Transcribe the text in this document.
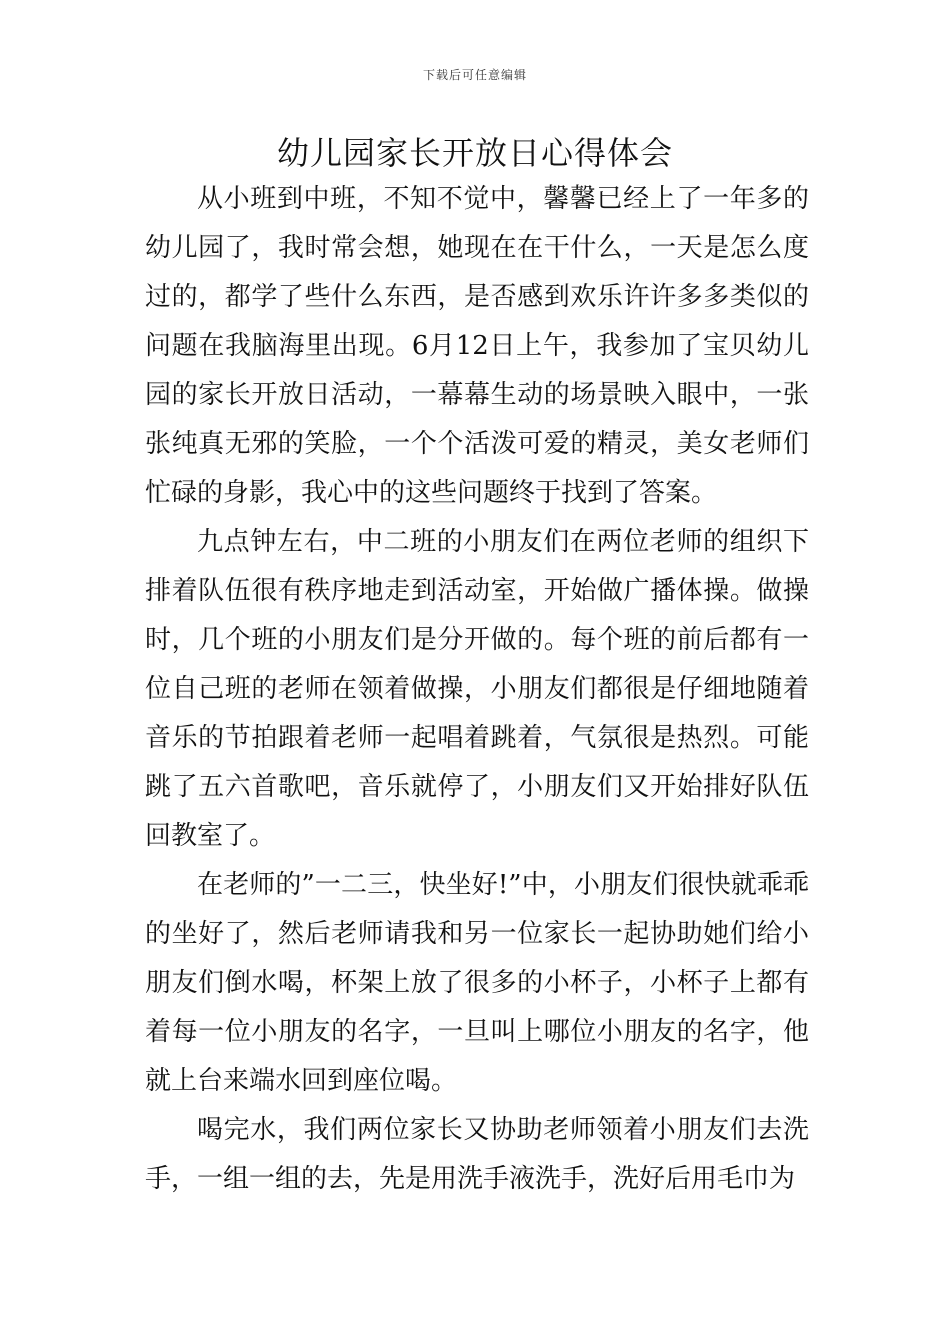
下载后可任意编辑
幼儿园家长开放日心得体会

从小班到中班，不知不觉中，馨馨已经上了一年多的幼儿园了，我时常会想，她现在在干什么，一天是怎么度过的，都学了些什么东西，是否感到欢乐许许多多类似的问题在我脑海里出现。6月12日上午，我参加了宝贝幼儿园的家长开放日活动，一幕幕生动的场景映入眼中，一张张纯真无邪的笑脸，一个个活泼可爱的精灵，美女老师们忙碌的身影，我心中的这些问题终于找到了答案。

九点钟左右，中二班的小朋友们在两位老师的组织下排着队伍很有秩序地走到活动室，开始做广播体操。做操时，几个班的小朋友们是分开做的。每个班的前后都有一位自己班的老师在领着做操，小朋友们都很是仔细地随着音乐的节拍跟着老师一起唱着跳着，气氛很是热烈。可能跳了五六首歌吧，音乐就停了，小朋友们又开始排好队伍回教室了。

在老师的”一二三，快坐好!”中，小朋友们很快就乖乖的坐好了，然后老师请我和另一位家长一起协助她们给小朋友们倒水喝，杯架上放了很多的小杯子，小杯子上都有着每一位小朋友的名字，一旦叫上哪位小朋友的名字，他就上台来端水回到座位喝。

喝完水，我们两位家长又协助老师领着小朋友们去洗手，一组一组的去，先是用洗手液洗手，洗好后用毛巾为
